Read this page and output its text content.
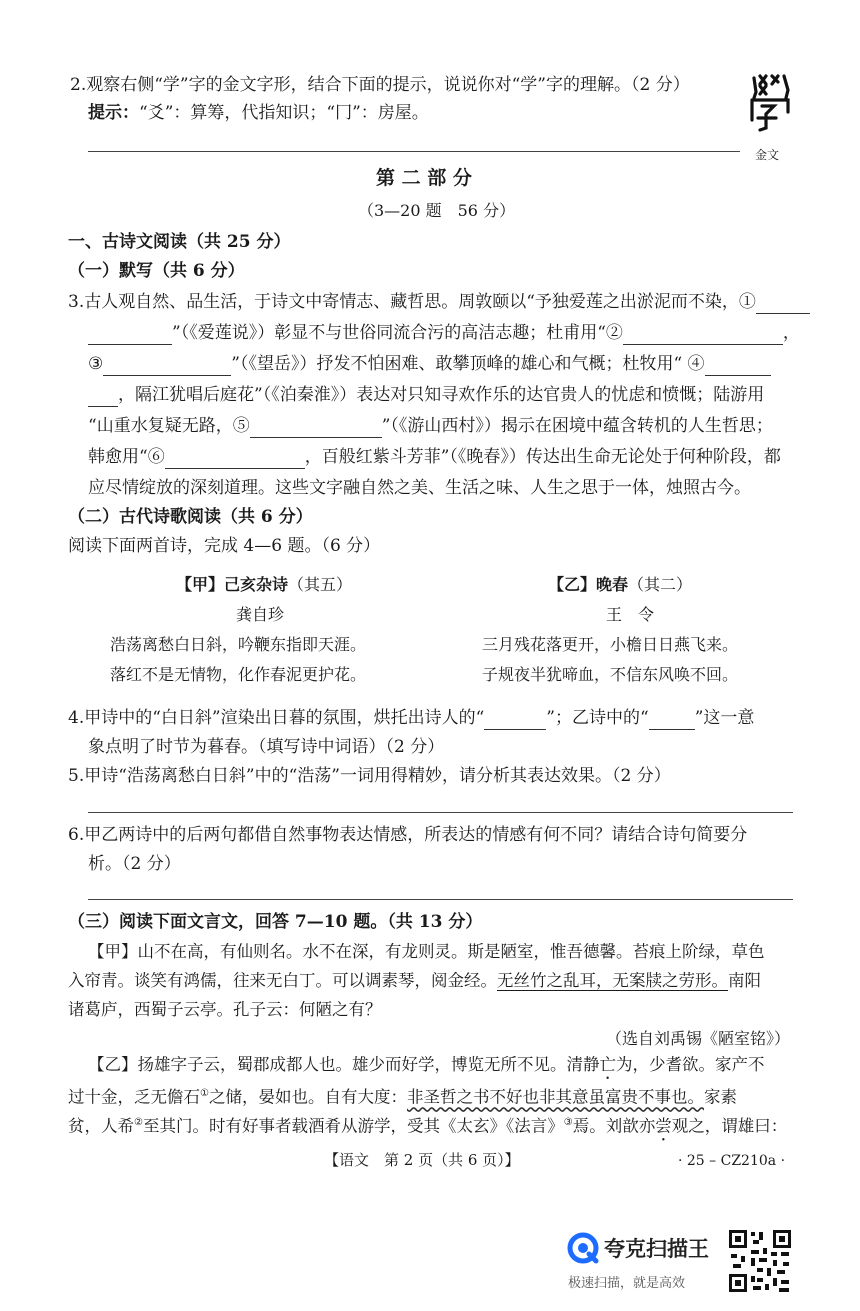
2.观察右侧“学”字的金文字形，结合下面的提示，说说你对“学”字的理解。（2 分）
提示：“爻”：算筹，代指知识；“冂”：房屋。
金文
第 二 部 分
（3—20 题　56 分）
一、古诗文阅读（共 25 分）
（一）默写（共 6 分）
3.古人观自然、品生活，于诗文中寄情志、藏哲思。周敦颐以“予独爱莲之出淤泥而不染，①
”（《爱莲说》）彰显不与世俗同流合污的高洁志趣；杜甫用“②	，
③	”（《望岳》）抒发不怕困难、敢攀顶峰的雄心和气概；杜牧用“ ④
，隔江犹唱后庭花”（《泊秦淮》）表达对只知寻欢作乐的达官贵人的忧虑和愤慨；陆游用
“山重水复疑无路，⑤	”（《游山西村》）揭示在困境中蕴含转机的人生哲思；
韩愈用“⑥	，百般红紫斗芳菲”（《晚春》）传达出生命无论处于何种阶段，都
应尽情绽放的深刻道理。这些文字融自然之美、生活之味、人生之思于一体，烛照古今。
（二）古代诗歌阅读（共 6 分）
阅读下面两首诗，完成 4—6 题。（6 分）
【甲】己亥杂诗（其五）
龚自珍
浩荡离愁白日斜，吟鞭东指即天涯。
落红不是无情物，化作春泥更护花。
【乙】晚春（其二）
王　令
三月残花落更开，小檐日日燕飞来。
子规夜半犹啼血，不信东风唤不回。
4.甲诗中的“白日斜”渲染出日暮的氛围，烘托出诗人的“	”；乙诗中的“	”这一意
象点明了时节为暮春。（填写诗中词语）（2 分）
5.甲诗“浩荡离愁白日斜”中的“浩荡”一词用得精妙，请分析其表达效果。（2 分）
6.甲乙两诗中的后两句都借自然事物表达情感，所表达的情感有何不同？请结合诗句简要分
析。（2 分）
（三）阅读下面文言文，回答 7—10 题。（共 13 分）
【甲】山不在高，有仙则名。水不在深，有龙则灵。斯是陋室，惟吾德馨。苔痕上阶绿，草色
入帘青。谈笑有鸿儒，往来无白丁。可以调素琴，阅金经。无丝竹之乱耳，无案牍之劳形。南阳
诸葛庐，西蜀子云亭。孔子云：何陋之有？
（选自刘禹锡《陋室铭》）
【乙】扬雄字子云，蜀郡成都人也。雄少而好学，博览无所不见。清静亡为，少耆欲。家产不
过十金，乏无儋石①之储，晏如也。自有大度：非圣哲之书不好也非其意虽富贵不事也。家素
贫，人希②至其门。时有好事者载酒肴从游学，受其《太玄》《法言》③焉。刘歆亦尝观之，谓雄曰：
【语文　第 2 页（共 6 页）】	· 25 – CZ210a ·
夸克扫描王
极速扫描，就是高效
